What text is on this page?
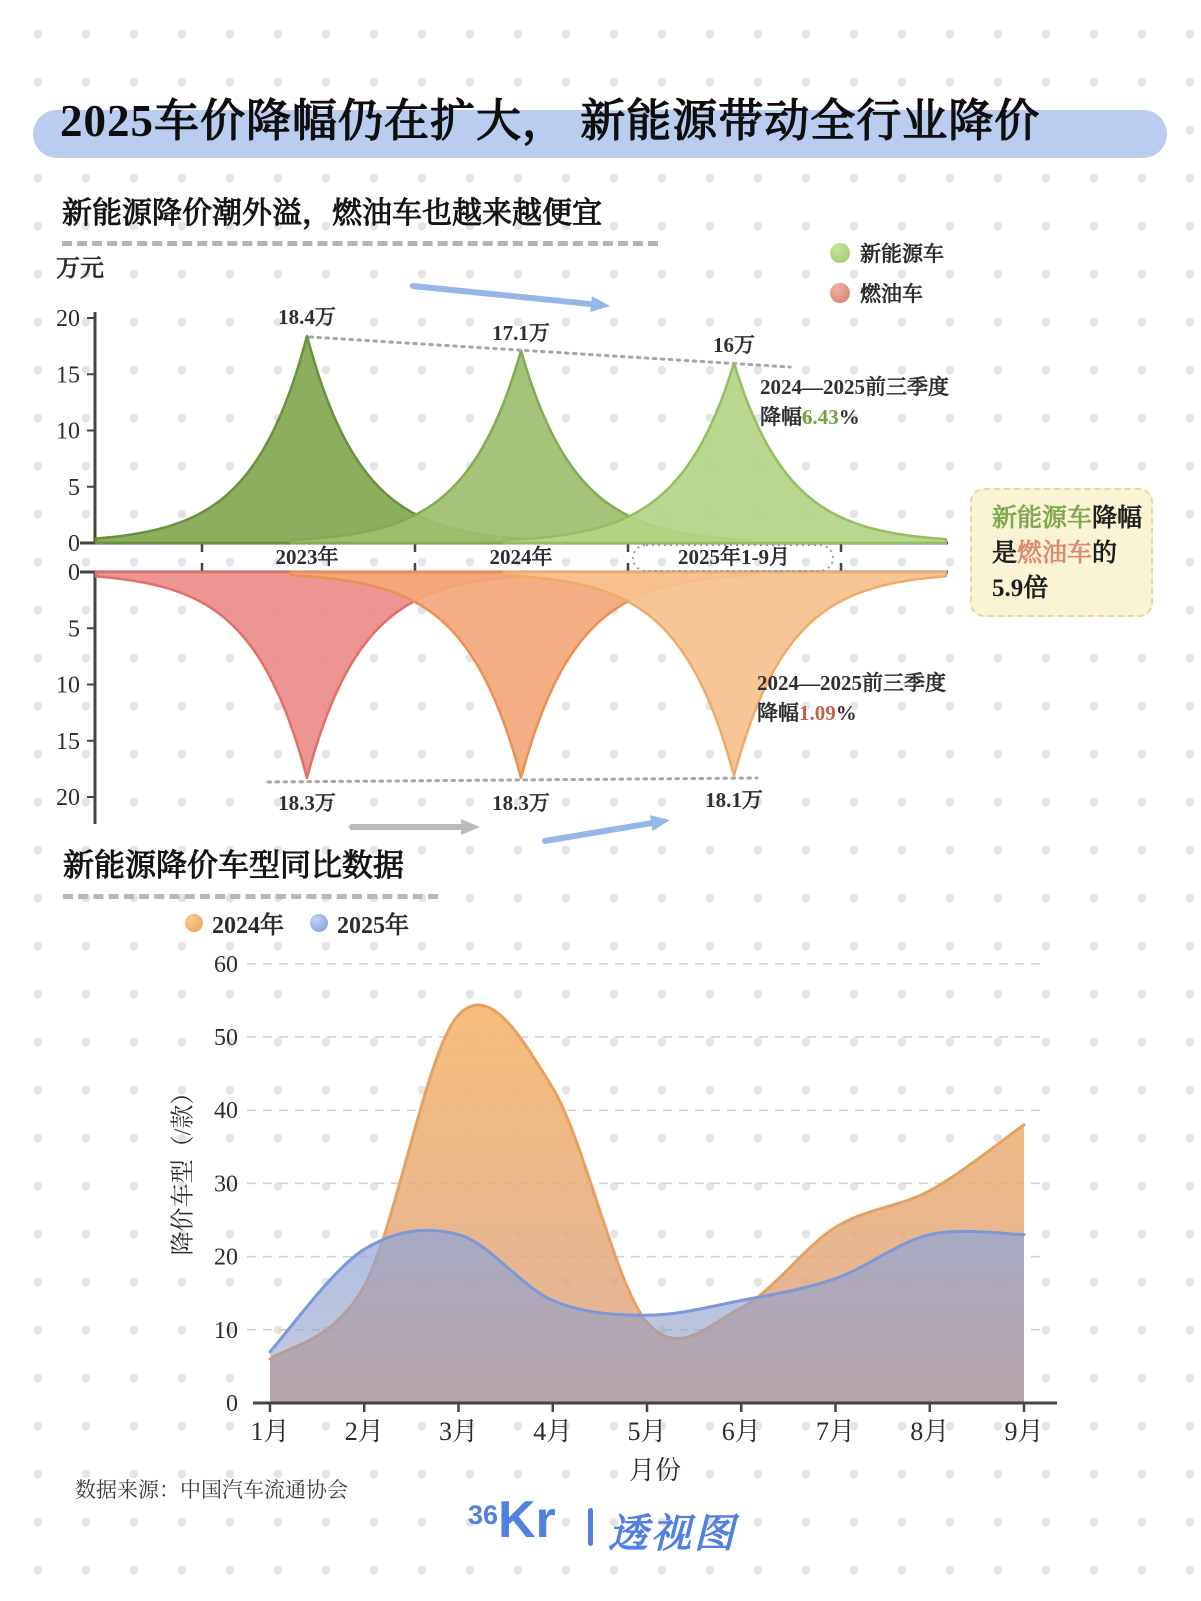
2025车价降幅仍在扩大， 新能源带动全行业降价
新能源降价潮外溢，燃油车也越来越便宜
万元
新能源车
燃油车
20
15
10
5
0
0
5
10
15
20
18.4万
17.1万	16万
18.3万	18.3万	18.1万
2023年	2024年	2025年1-9月
0
10
20
30
40
50
60
1月 2月 3月 4月 5月 6月 7月 8月 9月
2024—2025前三季度
降幅6.43%
2024—2025前三季度
降幅1.09%
新能源车降幅
是燃油车的
5.9倍
新能源降价车型同比数据
2024年 2025年
降价车型（/款）
月份
数据来源：中国汽车流通协会
36 Kr 透视图
